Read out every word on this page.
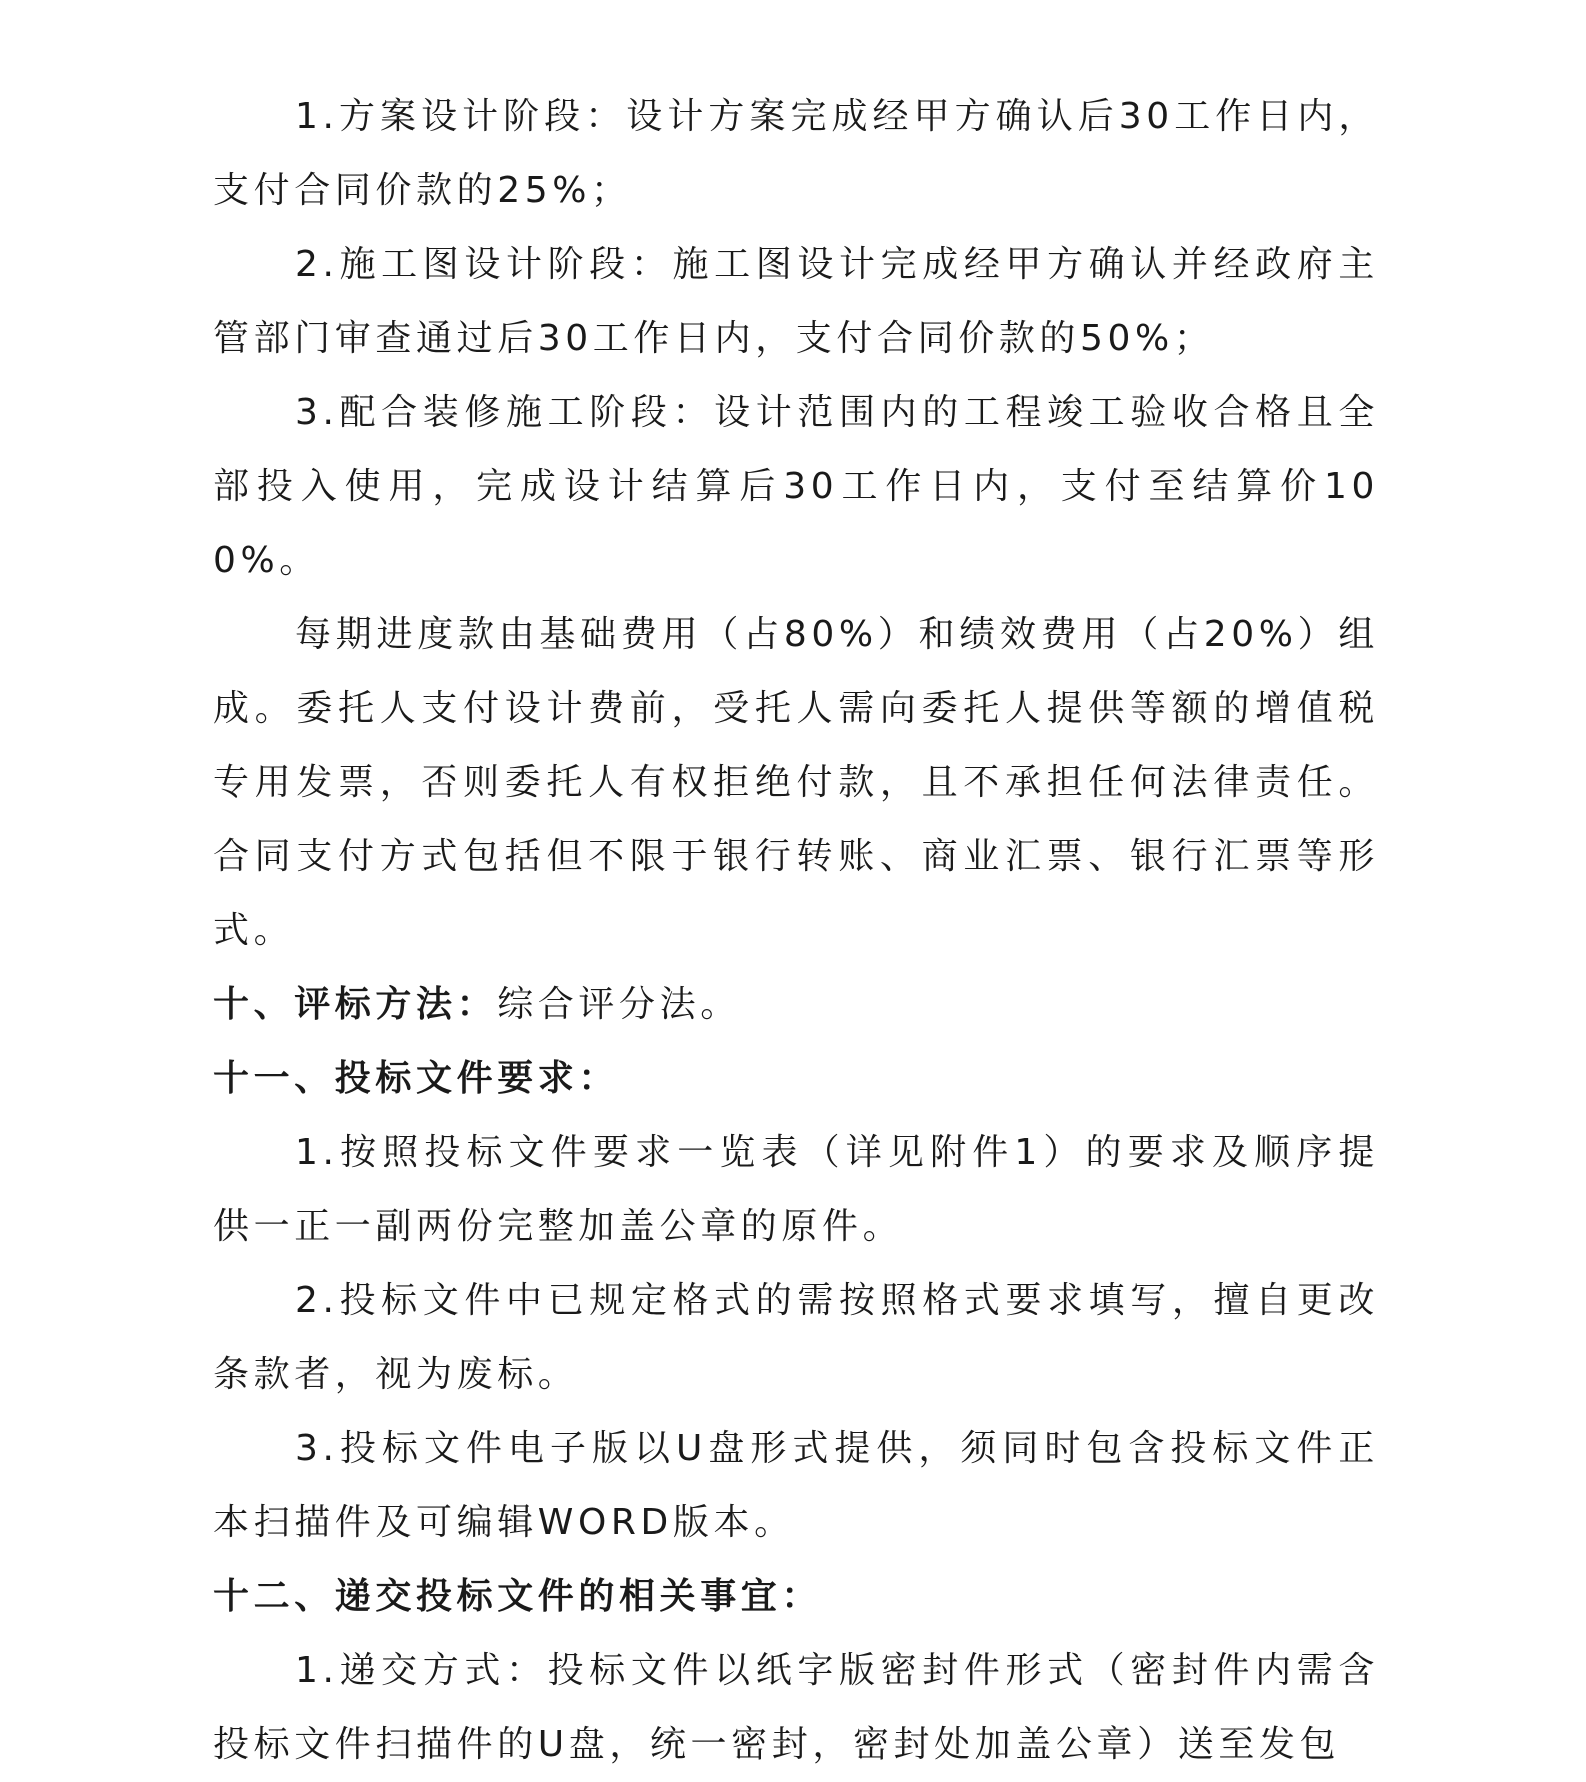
1.方案设计阶段：设计方案完成经甲方确认后30工作日内，支付合同价款的25%；

2.施工图设计阶段：施工图设计完成经甲方确认并经政府主管部门审查通过后30工作日内，支付合同价款的50%；

3.配合装修施工阶段：设计范围内的工程竣工验收合格且全部投入使用，完成设计结算后30工作日内，支付至结算价100%。

每期进度款由基础费用（占80%）和绩效费用（占20%）组成。委托人支付设计费前，受托人需向委托人提供等额的增值税专用发票，否则委托人有权拒绝付款，且不承担任何法律责任。合同支付方式包括但不限于银行转账、商业汇票、银行汇票等形式。

十、评标方法：综合评分法。

十一、投标文件要求：

1.按照投标文件要求一览表（详见附件1）的要求及顺序提供一正一副两份完整加盖公章的原件。

2.投标文件中已规定格式的需按照格式要求填写，擅自更改条款者，视为废标。

3.投标文件电子版以U盘形式提供，须同时包含投标文件正本扫描件及可编辑WORD版本。

十二、递交投标文件的相关事宜：

1.递交方式：投标文件以纸字版密封件形式（密封件内需含投标文件扫描件的U盘，统一密封，密封处加盖公章）送至发包
